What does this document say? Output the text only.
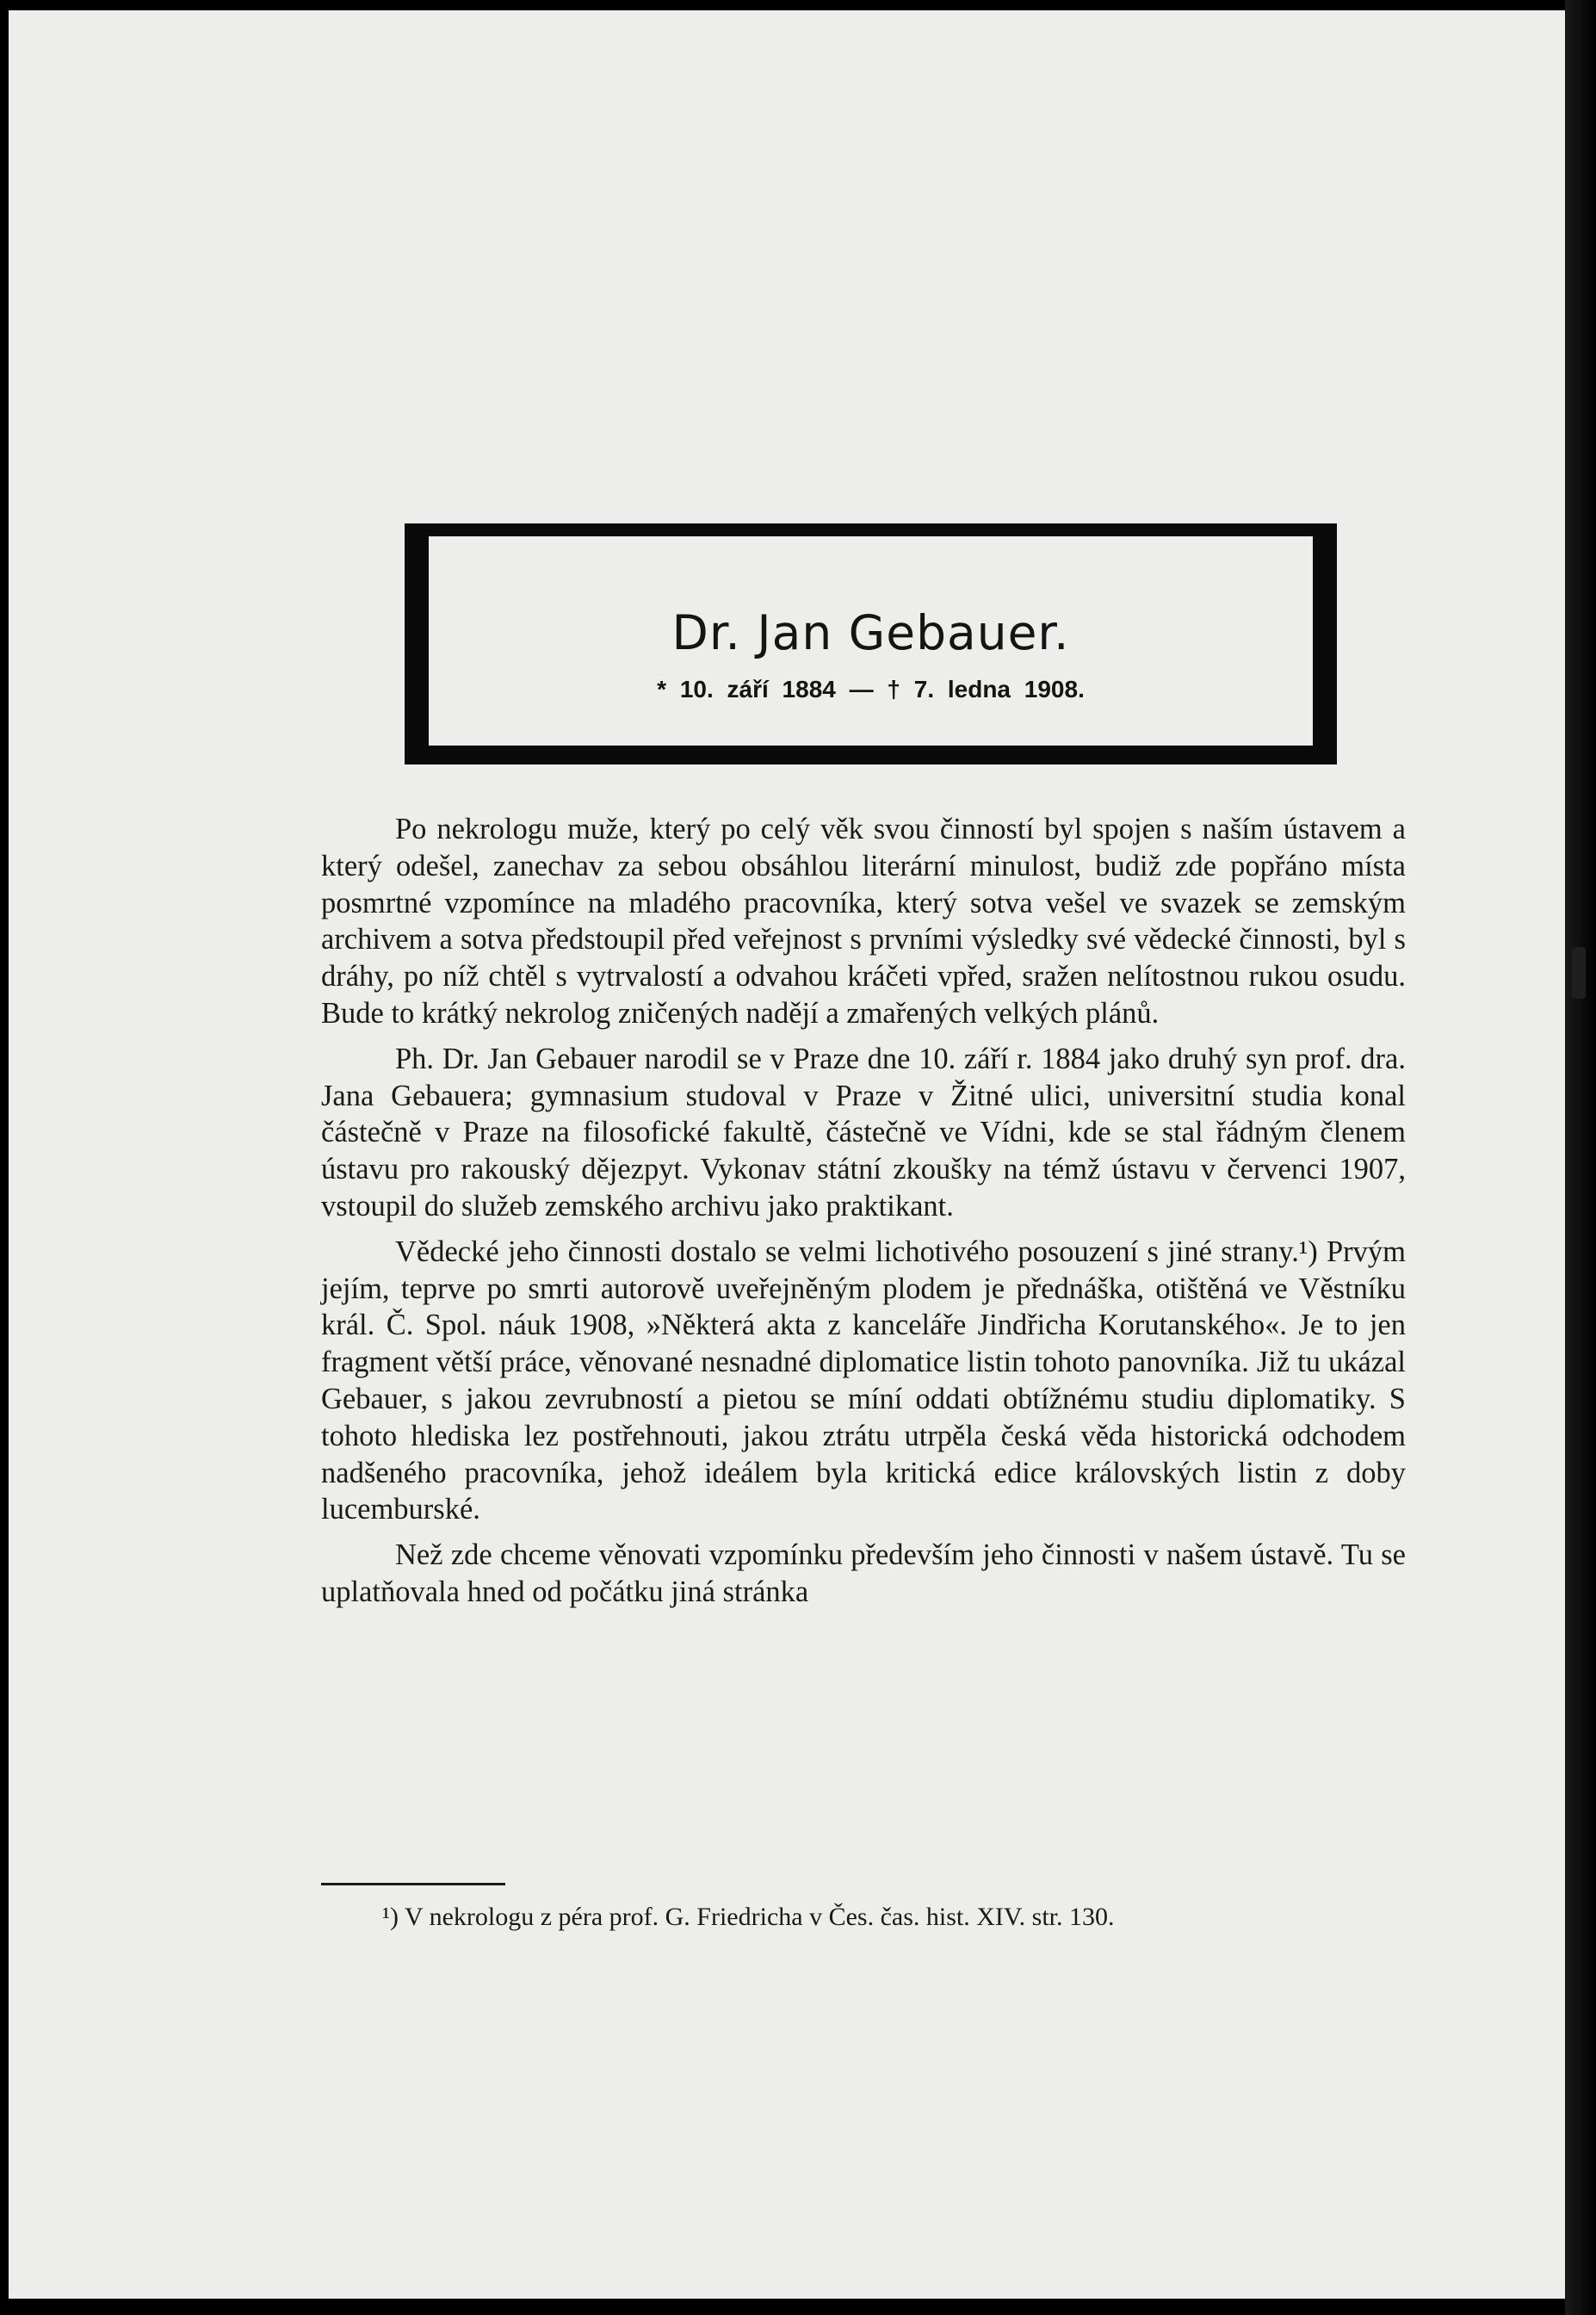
Dr. Jan Gebauer.
* 10. září 1884 — † 7. ledna 1908.

Po nekrologu muže, který po celý věk svou činností byl spojen s naším ústavem a který odešel, zanechav za sebou obsáhlou literární minulost, budiž zde popřáno místa posmrtné vzpomínce na mladého pracovníka, který sotva vešel ve svazek se zemským archivem a sotva předstoupil před veřejnost s prvními výsledky své vědecké činnosti, byl s dráhy, po níž chtěl s vytrvalostí a odvahou kráčeti vpřed, sražen nelítostnou rukou osudu. Bude to krátký nekrolog zničených nadějí a zmařených velkých plánů.

Ph. Dr. Jan Gebauer narodil se v Praze dne 10. září r. 1884 jako druhý syn prof. dra. Jana Gebauera; gymnasium studoval v Praze v Žitné ulici, universitní studia konal částečně v Praze na filosofické fakultě, částečně ve Vídni, kde se stal řádným členem ústavu pro rakouský dějezpyt. Vykonav státní zkoušky na témž ústavu v červenci 1907, vstoupil do služeb zemského archivu jako praktikant.

Vědecké jeho činnosti dostalo se velmi lichotivého posouzení s jiné strany.¹) Prvým jejím, teprve po smrti autorově uveřejněným plodem je přednáška, otištěná ve Věstníku král. Č. Spol. náuk 1908, »Některá akta z kanceláře Jindřicha Korutanského«. Je to jen fragment větší práce, věnované nesnadné diplomatice listin tohoto panovníka. Již tu ukázal Gebauer, s jakou zevrubností a pietou se míní oddati obtížnému studiu diplomatiky. S tohoto hlediska lez postřehnouti, jakou ztrátu utrpěla česká věda historická odchodem nadšeného pracovníka, jehož ideálem byla kritická edice královských listin z doby lucemburské.

Než zde chceme věnovati vzpomínku především jeho činnosti v našem ústavě. Tu se uplatňovala hned od počátku jiná stránka

¹) V nekrologu z péra prof. G. Friedricha v Čes. čas. hist. XIV. str. 130.
